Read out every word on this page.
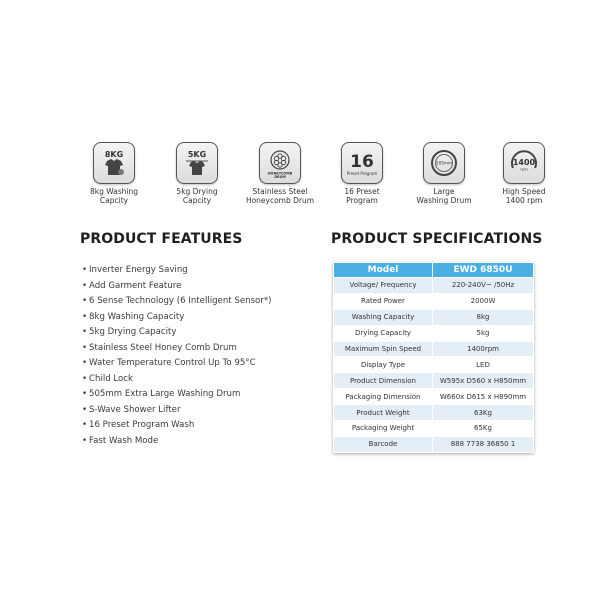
8KG
8kg Washing
Capcity
5KG
5kg Drying
Capcity
HONEYCOMB
DRUM
Stainless Steel
Honeycomb Drum
16
Preset Program
16 Preset
Program
505mm
Large
Washing Drum
1400
rpm
High Speed
1400 rpm
PRODUCT FEATURES	PRODUCT SPECIFICATIONS
• Inverter Energy Saving
• Add Garment Feature
• 6 Sense Technology (6 Intelligent Sensor*)
• 8kg Washing Capacity
• 5kg Drying Capacity
• Stainless Steel Honey Comb Drum
• Water Temperature Control Up To 95°C
• Child Lock
• 505mm Extra Large Washing Drum
• S-Wave Shower Lifter
• 16 Preset Program Wash
• Fast Wash Mode
Model	EWD 6850U
Voltage/ Frequency	220-240V~ /50Hz
Rated Power	2000W
Washing Capacity	8kg
Drying Capacity	5kg
Maximum Spin Speed	1400rpm
Display Type	LED
Product Dimension	W595x D560 x H850mm
Packaging Dimension	W660x D615 x H890mm
Product Weight	63Kg
Packaging Weight	65Kg
Barcode	888 7738 36850 1
